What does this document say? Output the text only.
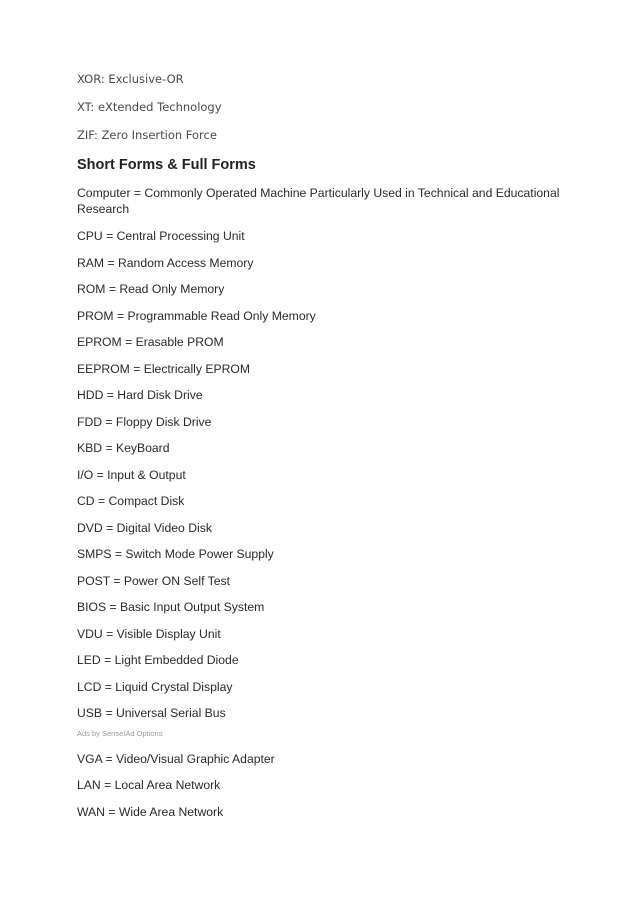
XOR: Exclusive-OR
XT: eXtended Technology
ZIF: Zero Insertion Force
Short Forms & Full Forms
Computer = Commonly Operated Machine Particularly Used in Technical and Educational Research
CPU = Central Processing Unit
RAM = Random Access Memory
ROM = Read Only Memory
PROM = Programmable Read Only Memory
EPROM = Erasable PROM
EEPROM = Electrically EPROM
HDD = Hard Disk Drive
FDD = Floppy Disk Drive
KBD = KeyBoard
I/O = Input & Output
CD = Compact Disk
DVD = Digital Video Disk
SMPS = Switch Mode Power Supply
POST = Power ON Self Test
BIOS = Basic Input Output System
VDU = Visible Display Unit
LED = Light Embedded Diode
LCD = Liquid Crystal Display
USB = Universal Serial Bus
Ads by SenseIAd Options
VGA = Video/Visual Graphic Adapter
LAN = Local Area Network
WAN = Wide Area Network
